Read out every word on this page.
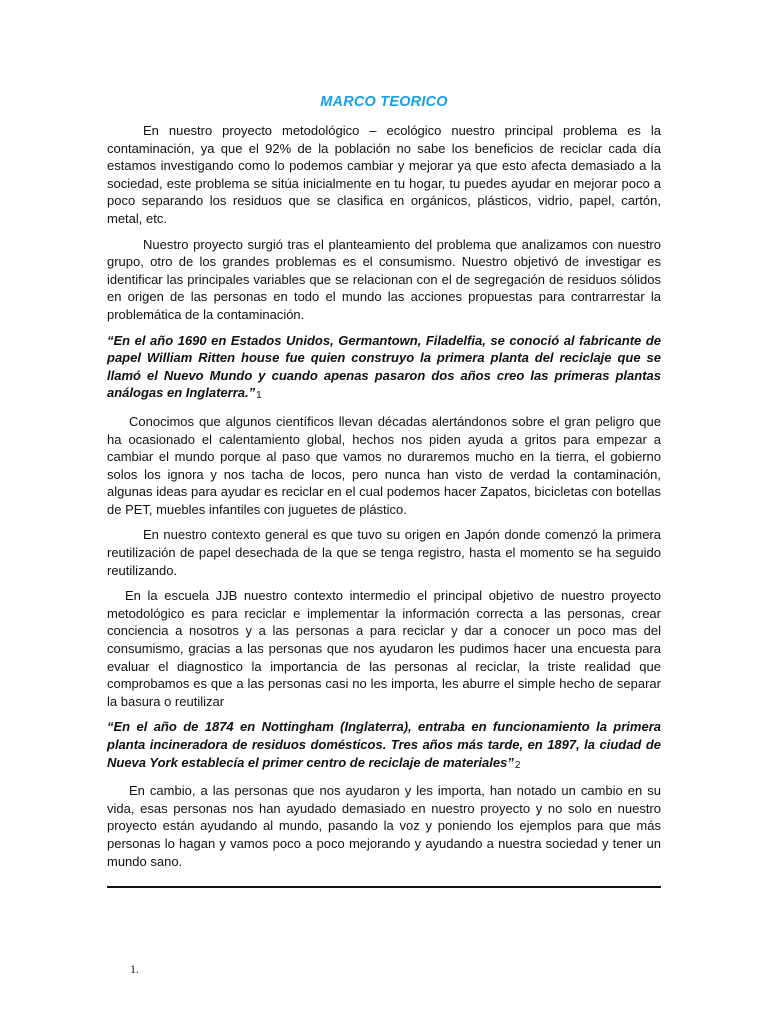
MARCO TEORICO

En nuestro proyecto metodológico – ecológico nuestro principal problema es la contaminación, ya que el 92% de la población no sabe los beneficios de reciclar cada día estamos investigando como lo podemos cambiar y mejorar ya que esto afecta demasiado a la sociedad, este problema se sitúa inicialmente en tu hogar, tu puedes ayudar en mejorar poco a poco separando los residuos que se clasifica en orgánicos, plásticos, vidrio, papel, cartón, metal, etc.

Nuestro proyecto surgió tras el planteamiento del problema que analizamos con nuestro grupo, otro de los grandes problemas es el consumismo. Nuestro objetivó de investigar es identificar las principales variables que se relacionan con el de segregación de residuos sólidos en origen de las personas en todo el mundo las acciones propuestas para contrarrestar la problemática de la contaminación.

“En el año 1690 en Estados Unidos, Germantown, Filadelfia, se conoció al fabricante de papel William Ritten house fue quien construyo la primera planta del reciclaje que se llamó el Nuevo Mundo y cuando apenas pasaron dos años creo las primeras plantas análogas en Inglaterra.”1

Conocimos que algunos científicos llevan décadas alertándonos sobre el gran peligro que ha ocasionado el calentamiento global, hechos nos piden ayuda a gritos para empezar a cambiar el mundo porque al paso que vamos no duraremos mucho en la tierra, el gobierno solos los ignora y nos tacha de locos, pero nunca han visto de verdad la contaminación, algunas ideas para ayudar es reciclar en el cual podemos hacer Zapatos, bicicletas con botellas de PET, muebles infantiles con juguetes de plástico.

En nuestro contexto general es que tuvo su origen en Japón donde comenzó la primera reutilización de papel desechada de la que se tenga registro, hasta el momento se ha seguido reutilizando.

En la escuela JJB nuestro contexto intermedio el principal objetivo de nuestro proyecto metodológico es para reciclar e implementar la información correcta a las personas, crear conciencia a nosotros y a las personas a para reciclar y dar a conocer un poco mas del consumismo, gracias a las personas que nos ayudaron les pudimos hacer una encuesta para evaluar el diagnostico la importancia de las personas al reciclar, la triste realidad que comprobamos es que a las personas casi no les importa, les aburre el simple hecho de separar la basura o reutilizar

“En el año de 1874 en Nottingham (Inglaterra), entraba en funcionamiento la primera planta incineradora de residuos domésticos. Tres años más tarde, en 1897, la ciudad de Nueva York establecía el primer centro de reciclaje de materiales”2

En cambio, a las personas que nos ayudaron y les importa, han notado un cambio en su vida, esas personas nos han ayudado demasiado en nuestro proyecto y no solo en nuestro proyecto están ayudando al mundo, pasando la voz y poniendo los ejemplos para que más personas lo hagan y vamos poco a poco mejorando y ayudando a nuestra sociedad y tener un mundo sano.

1.
